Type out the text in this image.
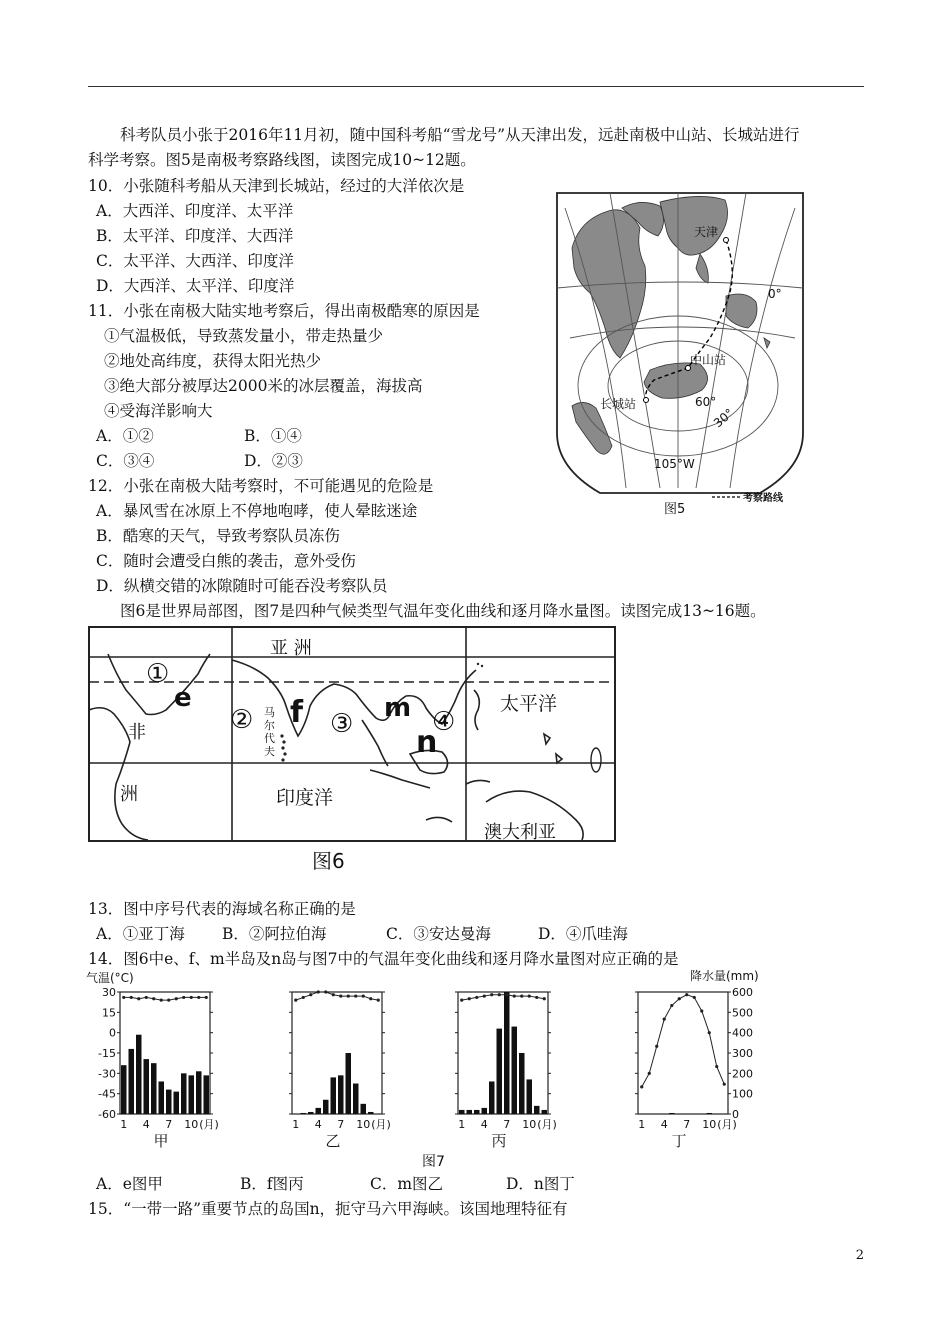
科考队员小张于2016年11月初，随中国科考船“雪龙号”从天津出发，远赴南极中山站、长城站进行
科学考察。图5是南极考察路线图，读图完成10~12题。
10．小张随科考船从天津到长城站，经过的大洋依次是
A．大西洋、印度洋、太平洋
B．太平洋、印度洋、大西洋
C．太平洋、大西洋、印度洋
D．大西洋、太平洋、印度洋
11．小张在南极大陆实地考察后，得出南极酷寒的原因是
①气温极低，导致蒸发量小，带走热量少
②地处高纬度，获得太阳光热少
③绝大部分被厚达2000米的冰层覆盖，海拔高
④受海洋影响大
A．①②	B．①④
C．③④	D．②③
12．小张在南极大陆考察时，不可能遇见的危险是
A．暴风雪在冰原上不停地咆哮，使人晕眩迷途
B．酷寒的天气，导致考察队员冻伤
C．随时会遭受白熊的袭击，意外受伤
D．纵横交错的冰隙随时可能吞没考察队员
图6是世界局部图，图7是四种气候类型气温年变化曲线和逐月降水量图。读图完成13~16题。
天津
中山站
长城站
0°
60°
30°
105°W
图5
考察路线
亚 洲
非
洲	印度洋
太平洋
澳大利亚
马
尔
代
夫
e	f	m
n
①
②	③	④
图6
13．图中序号代表的海域名称正确的是
A．①亚丁海 B．②阿拉伯海	C．③安达曼海	D．④爪哇海
14．图6中e、f、m半岛及n岛与图7中的气温年变化曲线和逐月降水量图对应正确的是
气温(°C)	降水量(mm)
30
15
0
-15
-30
-45
-60
600
500
400
300
200
100
0
1 4 7 10 (月)
甲
1 4 7 10 (月)
乙
1 4 7 10 (月)
丙
1 4 7 10 (月)
丁
图7
A．e图甲	B．f图丙	C．m图乙	D．n图丁
15．“一带一路”重要节点的岛国n，扼守马六甲海峡。该国地理特征有
2
